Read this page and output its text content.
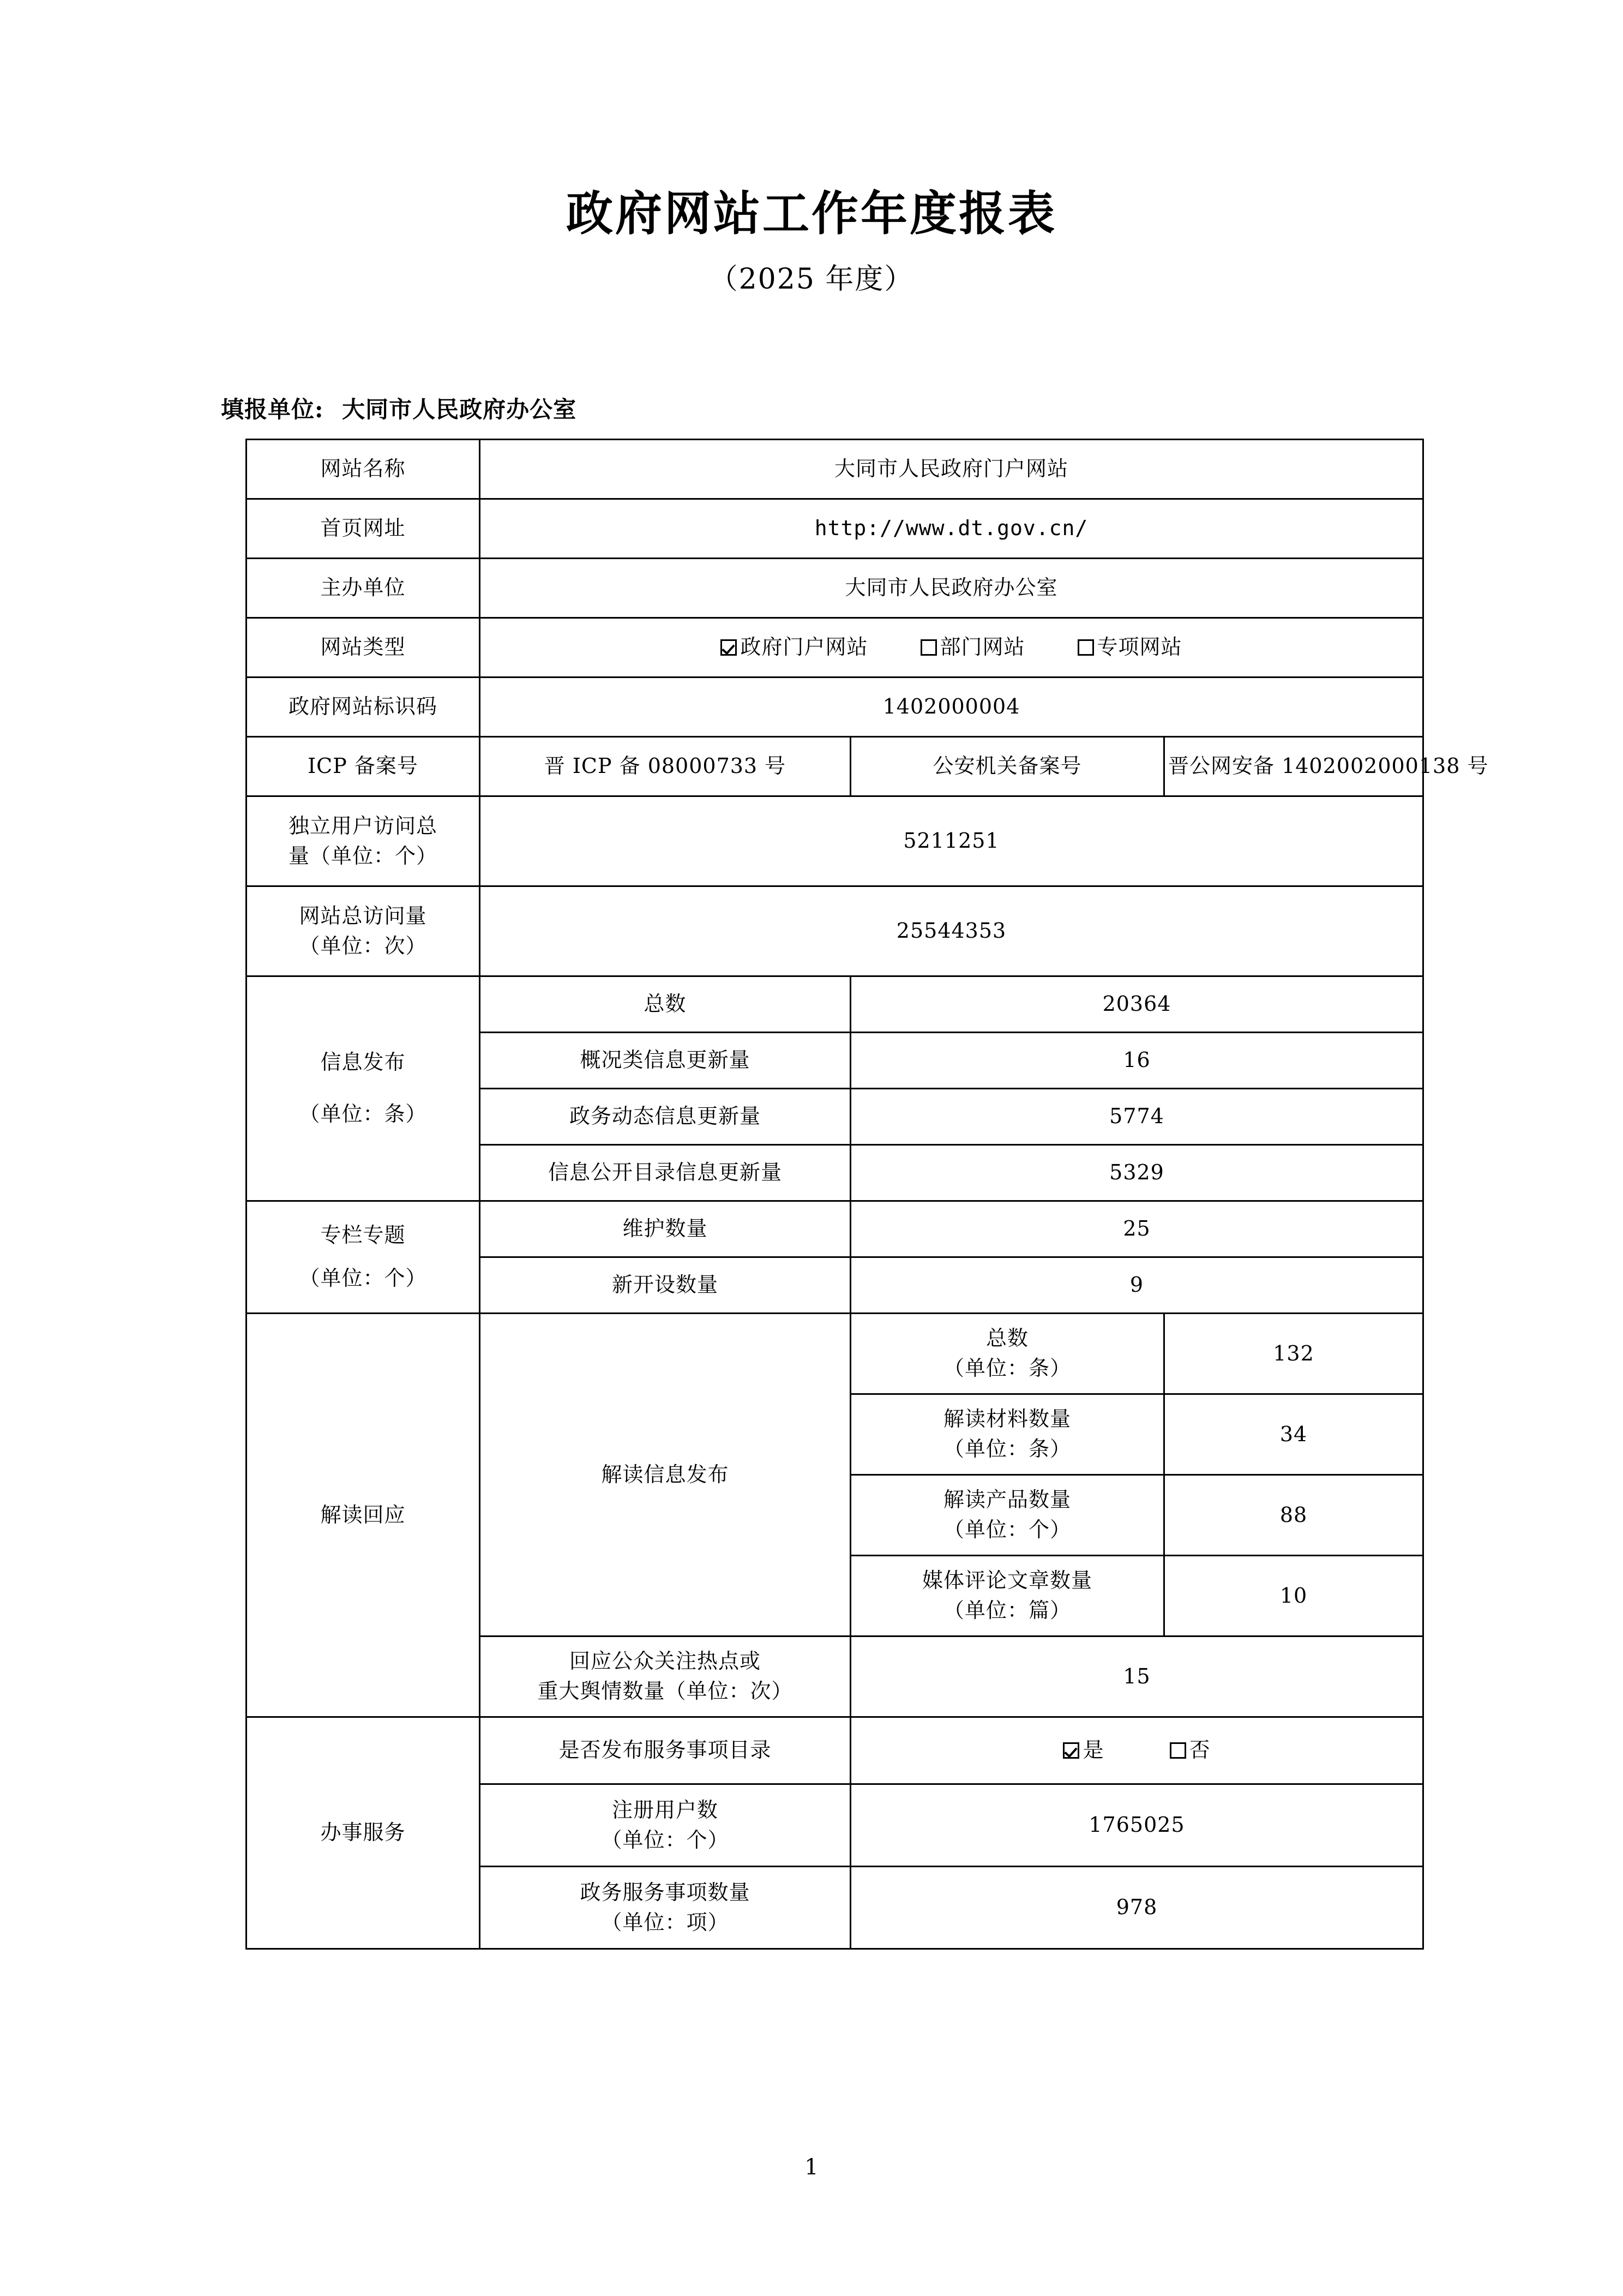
政府网站工作年度报表
（2025 年度）
填报单位: 大同市人民政府办公室
网站名称	大同市人民政府门户网站		
首页网址	http://www.dt.gov.cn/		
主办单位	大同市人民政府办公室		
网站类型	政府门户网站 部门网站 专项网站		

政府网站标识码	1402000004		
ICP 备案号	晋 ICP 备 08000733 号	公安机关备案号	晋公网安备 1402002000138 号

独立用户访问总
量（单位：个）	5211251		

网站总访问量
（单位：次）	25544353		

信息发布
（单位：条）	总数	20364	
	概况类信息更新量	16	
	政务动态信息更新量	5774	
	信息公开目录信息更新量	5329	

专栏专题
（单位：个）	维护数量	25	
	新开设数量	9	
解读回应	解读信息发布	总数
（单位：条）	132

		解读材料数量
（单位：条）	34

		解读产品数量
（单位：个）	88

		媒体评论文章数量
（单位：篇）	10

	回应公众关注热点或
重大舆情数量（单位：次）	15	
办事服务	是否发布服务事项目录	是 否	

	注册用户数
（单位：个）	1765025	

	政务服务事项数量
（单位：项）	978	
1
